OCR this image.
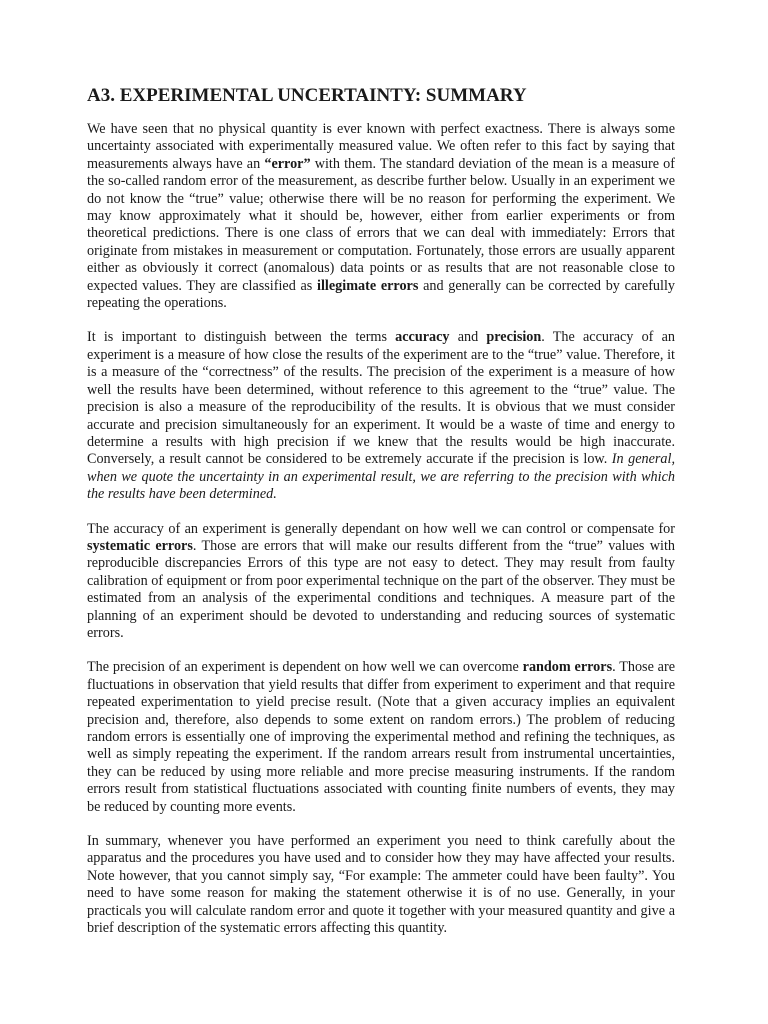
A3. EXPERIMENTAL UNCERTAINTY: SUMMARY

We have seen that no physical quantity is ever known with perfect exactness. There is always some uncertainty associated with experimentally measured value. We often refer to this fact by saying that measurements always have an “error” with them. The standard deviation of the mean is a measure of the so-called random error of the measurement, as describe further below. Usually in an experiment we do not know the “true” value; otherwise there will be no reason for performing the experiment. We may know approximately what it should be, however, either from earlier experiments or from theoretical predictions. There is one class of errors that we can deal with immediately: Errors that originate from mistakes in measurement or computation. Fortunately, those errors are usually apparent either as obviously it correct (anomalous) data points or as results that are not reasonable close to expected values. They are classified as illegimate errors and generally can be corrected by carefully repeating the operations.

It is important to distinguish between the terms accuracy and precision. The accuracy of an experiment is a measure of how close the results of the experiment are to the “true” value. Therefore, it is a measure of the “correctness” of the results. The precision of the experiment is a measure of how well the results have been determined, without reference to this agreement to the “true” value. The precision is also a measure of the reproducibility of the results. It is obvious that we must consider accurate and precision simultaneously for an experiment. It would be a waste of time and energy to determine a results with high precision if we knew that the results would be high inaccurate. Conversely, a result cannot be considered to be extremely accurate if the precision is low. In general, when we quote the uncertainty in an experimental result, we are referring to the precision with which the results have been determined.

The accuracy of an experiment is generally dependant on how well we can control or compensate for systematic errors. Those are errors that will make our results different from the “true” values with reproducible discrepancies Errors of this type are not easy to detect. They may result from faulty calibration of equipment or from poor experimental technique on the part of the observer. They must be estimated from an analysis of the experimental conditions and techniques. A measure part of the planning of an experiment should be devoted to understanding and reducing sources of systematic errors.

The precision of an experiment is dependent on how well we can overcome random errors. Those are fluctuations in observation that yield results that differ from experiment to experiment and that require repeated experimentation to yield precise result. (Note that a given accuracy implies an equivalent precision and, therefore, also depends to some extent on random errors.) The problem of reducing random errors is essentially one of improving the experimental method and refining the techniques, as well as simply repeating the experiment. If the random arrears result from instrumental uncertainties, they can be reduced by using more reliable and more precise measuring instruments. If the random errors result from statistical fluctuations associated with counting finite numbers of events, they may be reduced by counting more events.

In summary, whenever you have performed an experiment you need to think carefully about the apparatus and the procedures you have used and to consider how they may have affected your results. Note however, that you cannot simply say, “For example: The ammeter could have been faulty”. You need to have some reason for making the statement otherwise it is of no use. Generally, in your practicals you will calculate random error and quote it together with your measured quantity and give a brief description of the systematic errors affecting this quantity.
